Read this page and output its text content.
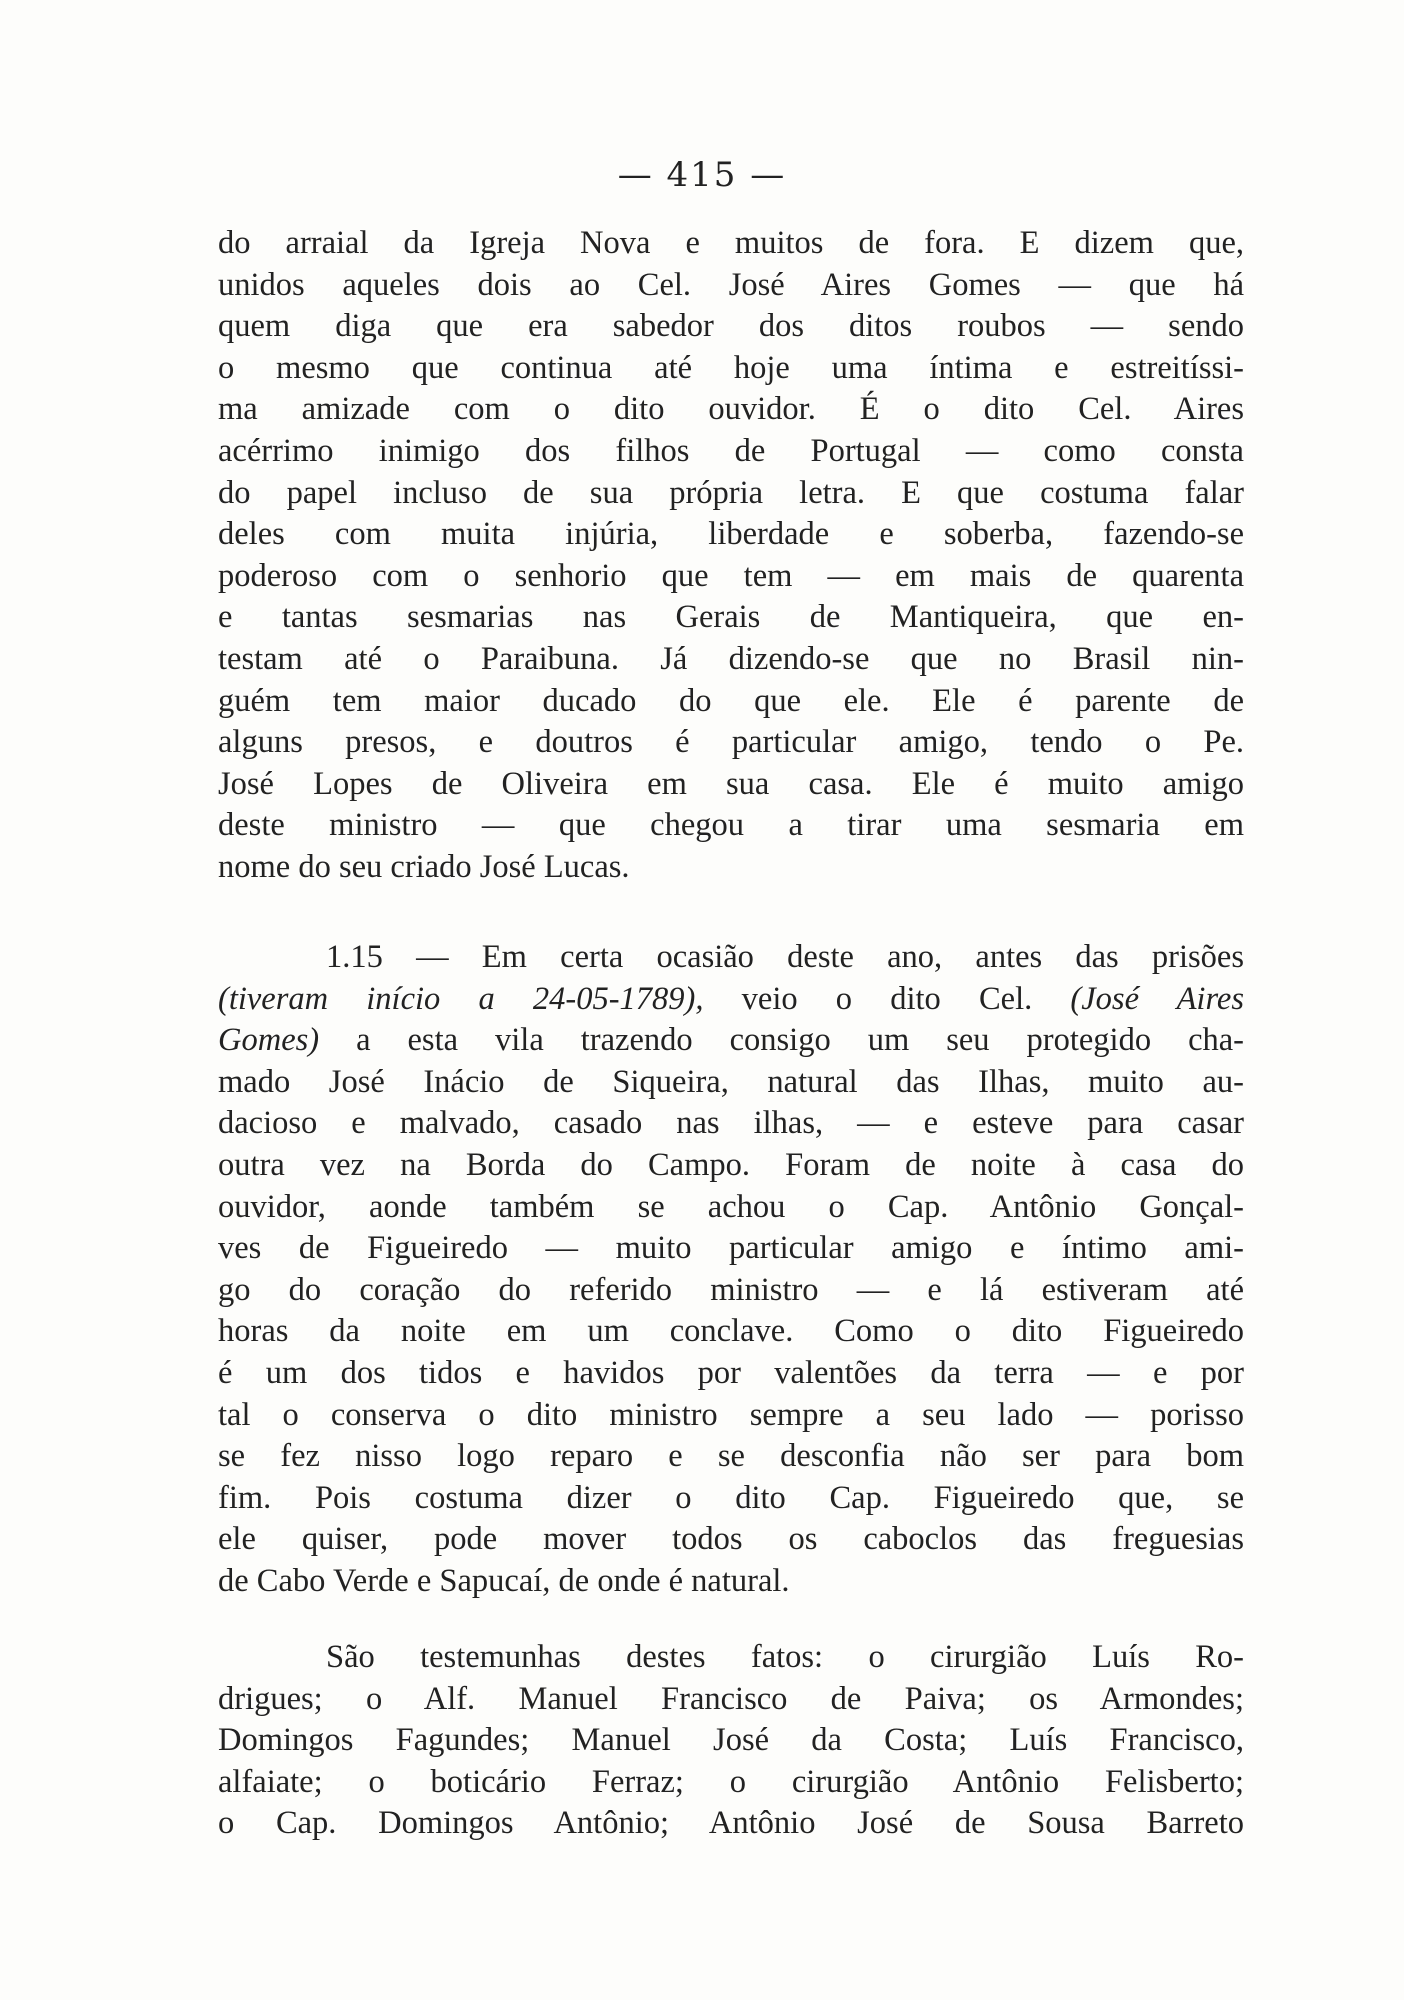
— 415 —
do arraial da Igreja Nova e muitos de fora. E dizem que,
unidos aqueles dois ao Cel. José Aires Gomes — que há
quem diga que era sabedor dos ditos roubos — sendo
o mesmo que continua até hoje uma íntima e estreitíssi-
ma amizade com o dito ouvidor. É o dito Cel. Aires
acérrimo inimigo dos filhos de Portugal — como consta
do papel incluso de sua própria letra. E que costuma falar
deles com muita injúria, liberdade e soberba, fazendo-se
poderoso com o senhorio que tem — em mais de quarenta
e tantas sesmarias nas Gerais de Mantiqueira, que en-
testam até o Paraibuna. Já dizendo-se que no Brasil nin-
guém tem maior ducado do que ele. Ele é parente de
alguns presos, e doutros é particular amigo, tendo o Pe.
José Lopes de Oliveira em sua casa. Ele é muito amigo
deste ministro — que chegou a tirar uma sesmaria em
nome do seu criado José Lucas.
1.15 — Em certa ocasião deste ano, antes das prisões
(tiveram início a 24-05-1789), veio o dito Cel. (José Aires
Gomes) a esta vila trazendo consigo um seu protegido cha-
mado José Inácio de Siqueira, natural das Ilhas, muito au-
dacioso e malvado, casado nas ilhas, — e esteve para casar
outra vez na Borda do Campo. Foram de noite à casa do
ouvidor, aonde também se achou o Cap. Antônio Gonçal-
ves de Figueiredo — muito particular amigo e íntimo ami-
go do coração do referido ministro — e lá estiveram até
horas da noite em um conclave. Como o dito Figueiredo
é um dos tidos e havidos por valentões da terra — e por
tal o conserva o dito ministro sempre a seu lado — porisso
se fez nisso logo reparo e se desconfia não ser para bom
fim. Pois costuma dizer o dito Cap. Figueiredo que, se
ele quiser, pode mover todos os caboclos das freguesias
de Cabo Verde e Sapucaí, de onde é natural.
São testemunhas destes fatos: o cirurgião Luís Ro-
drigues; o Alf. Manuel Francisco de Paiva; os Armondes;
Domingos Fagundes; Manuel José da Costa; Luís Francisco,
alfaiate; o boticário Ferraz; o cirurgião Antônio Felisberto;
o Cap. Domingos Antônio; Antônio José de Sousa Barreto
